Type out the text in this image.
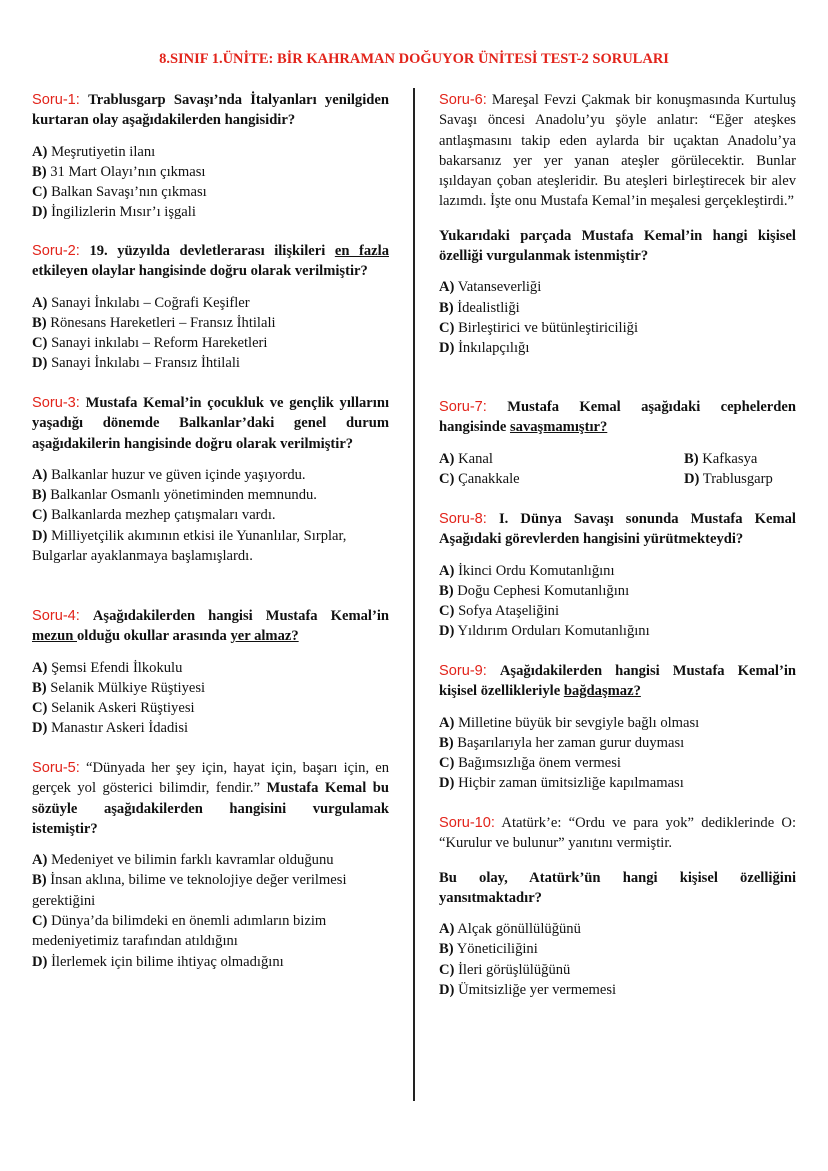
8.SINIF 1.ÜNİTE: BİR KAHRAMAN DOĞUYOR ÜNİTESİ TEST-2 SORULARI

Soru-1: Trablusgarp Savaşı’nda İtalyanları yenilgiden kurtaran olay aşağıdakilerden hangisidir?

A) Meşrutiyetin ilanı

B) 31 Mart Olayı’nın çıkması

C) Balkan Savaşı’nın çıkması

D) İngilizlerin Mısır’ı işgali

Soru-2: 19. yüzyılda devletlerarası ilişkileri en fazla etkileyen olaylar hangisinde doğru olarak verilmiştir?

A) Sanayi İnkılabı – Coğrafi Keşifler

B) Rönesans Hareketleri – Fransız İhtilali

C) Sanayi inkılabı – Reform Hareketleri

D) Sanayi İnkılabı – Fransız İhtilali

Soru-3: Mustafa Kemal’in çocukluk ve gençlik yıllarını yaşadığı dönemde Balkanlar’daki genel durum aşağıdakilerin hangisinde doğru olarak verilmiştir?

A) Balkanlar huzur ve güven içinde yaşıyordu.

B) Balkanlar Osmanlı yönetiminden memnundu.

C) Balkanlarda mezhep çatışmaları vardı.

D) Milliyetçilik akımının etkisi ile Yunanlılar, Sırplar, Bulgarlar ayaklanmaya başlamışlardı.

Soru-4: Aşağıdakilerden hangisi Mustafa Kemal’in mezun olduğu okullar arasında yer almaz?

A) Şemsi Efendi İlkokulu

B) Selanik Mülkiye Rüştiyesi

C) Selanik Askeri Rüştiyesi

D) Manastır Askeri İdadisi

Soru-5: “Dünyada her şey için, hayat için, başarı için, en gerçek yol gösterici bilimdir, fendir.” Mustafa Kemal bu sözüyle aşağıdakilerden hangisini vurgulamak istemiştir?

A) Medeniyet ve bilimin farklı kavramlar olduğunu

B) İnsan aklına, bilime ve teknolojiye değer verilmesi gerektiğini

C) Dünya’da bilimdeki en önemli adımların bizim medeniyetimiz tarafından atıldığını

D) İlerlemek için bilime ihtiyaç olmadığını

Soru-6: Mareşal Fevzi Çakmak bir konuşmasında Kurtuluş Savaşı öncesi Anadolu’yu şöyle anlatır: “Eğer ateşkes antlaşmasını takip eden aylarda bir uçaktan Anadolu’ya bakarsanız yer yer yanan ateşler görülecektir. Bunlar ışıldayan çoban ateşleridir. Bu ateşleri birleştirecek bir alev lazımdı. İşte onu Mustafa Kemal’in meşalesi gerçekleştirdi.”

Yukarıdaki parçada Mustafa Kemal’in hangi kişisel özelliği vurgulanmak istenmiştir?

A) Vatanseverliği

B) İdealistliği

C) Birleştirici ve bütünleştiriciliği

D) İnkılapçılığı

Soru-7: Mustafa Kemal aşağıdaki cephelerden hangisinde savaşmamıştır?

A) Kanal	B) Kafkasya

C) Çanakkale	D) Trablusgarp

Soru-8: I. Dünya Savaşı sonunda Mustafa Kemal Aşağıdaki görevlerden hangisini yürütmekteydi?

A) İkinci Ordu Komutanlığını

B) Doğu Cephesi Komutanlığını

C) Sofya Ataşeliğini

D) Yıldırım Orduları Komutanlığını

Soru-9: Aşağıdakilerden hangisi Mustafa Kemal’in kişisel özellikleriyle bağdaşmaz?

A) Milletine büyük bir sevgiyle bağlı olması

B) Başarılarıyla her zaman gurur duyması

C) Bağımsızlığa önem vermesi

D) Hiçbir zaman ümitsizliğe kapılmaması

Soru-10: Atatürk’e: “Ordu ve para yok” dediklerinde O: “Kurulur ve bulunur” yanıtını vermiştir.

Bu olay, Atatürk’ün hangi kişisel özelliğini yansıtmaktadır?

A) Alçak gönüllülüğünü

B) Yöneticiliğini

C) İleri görüşlülüğünü

D) Ümitsizliğe yer vermemesi
